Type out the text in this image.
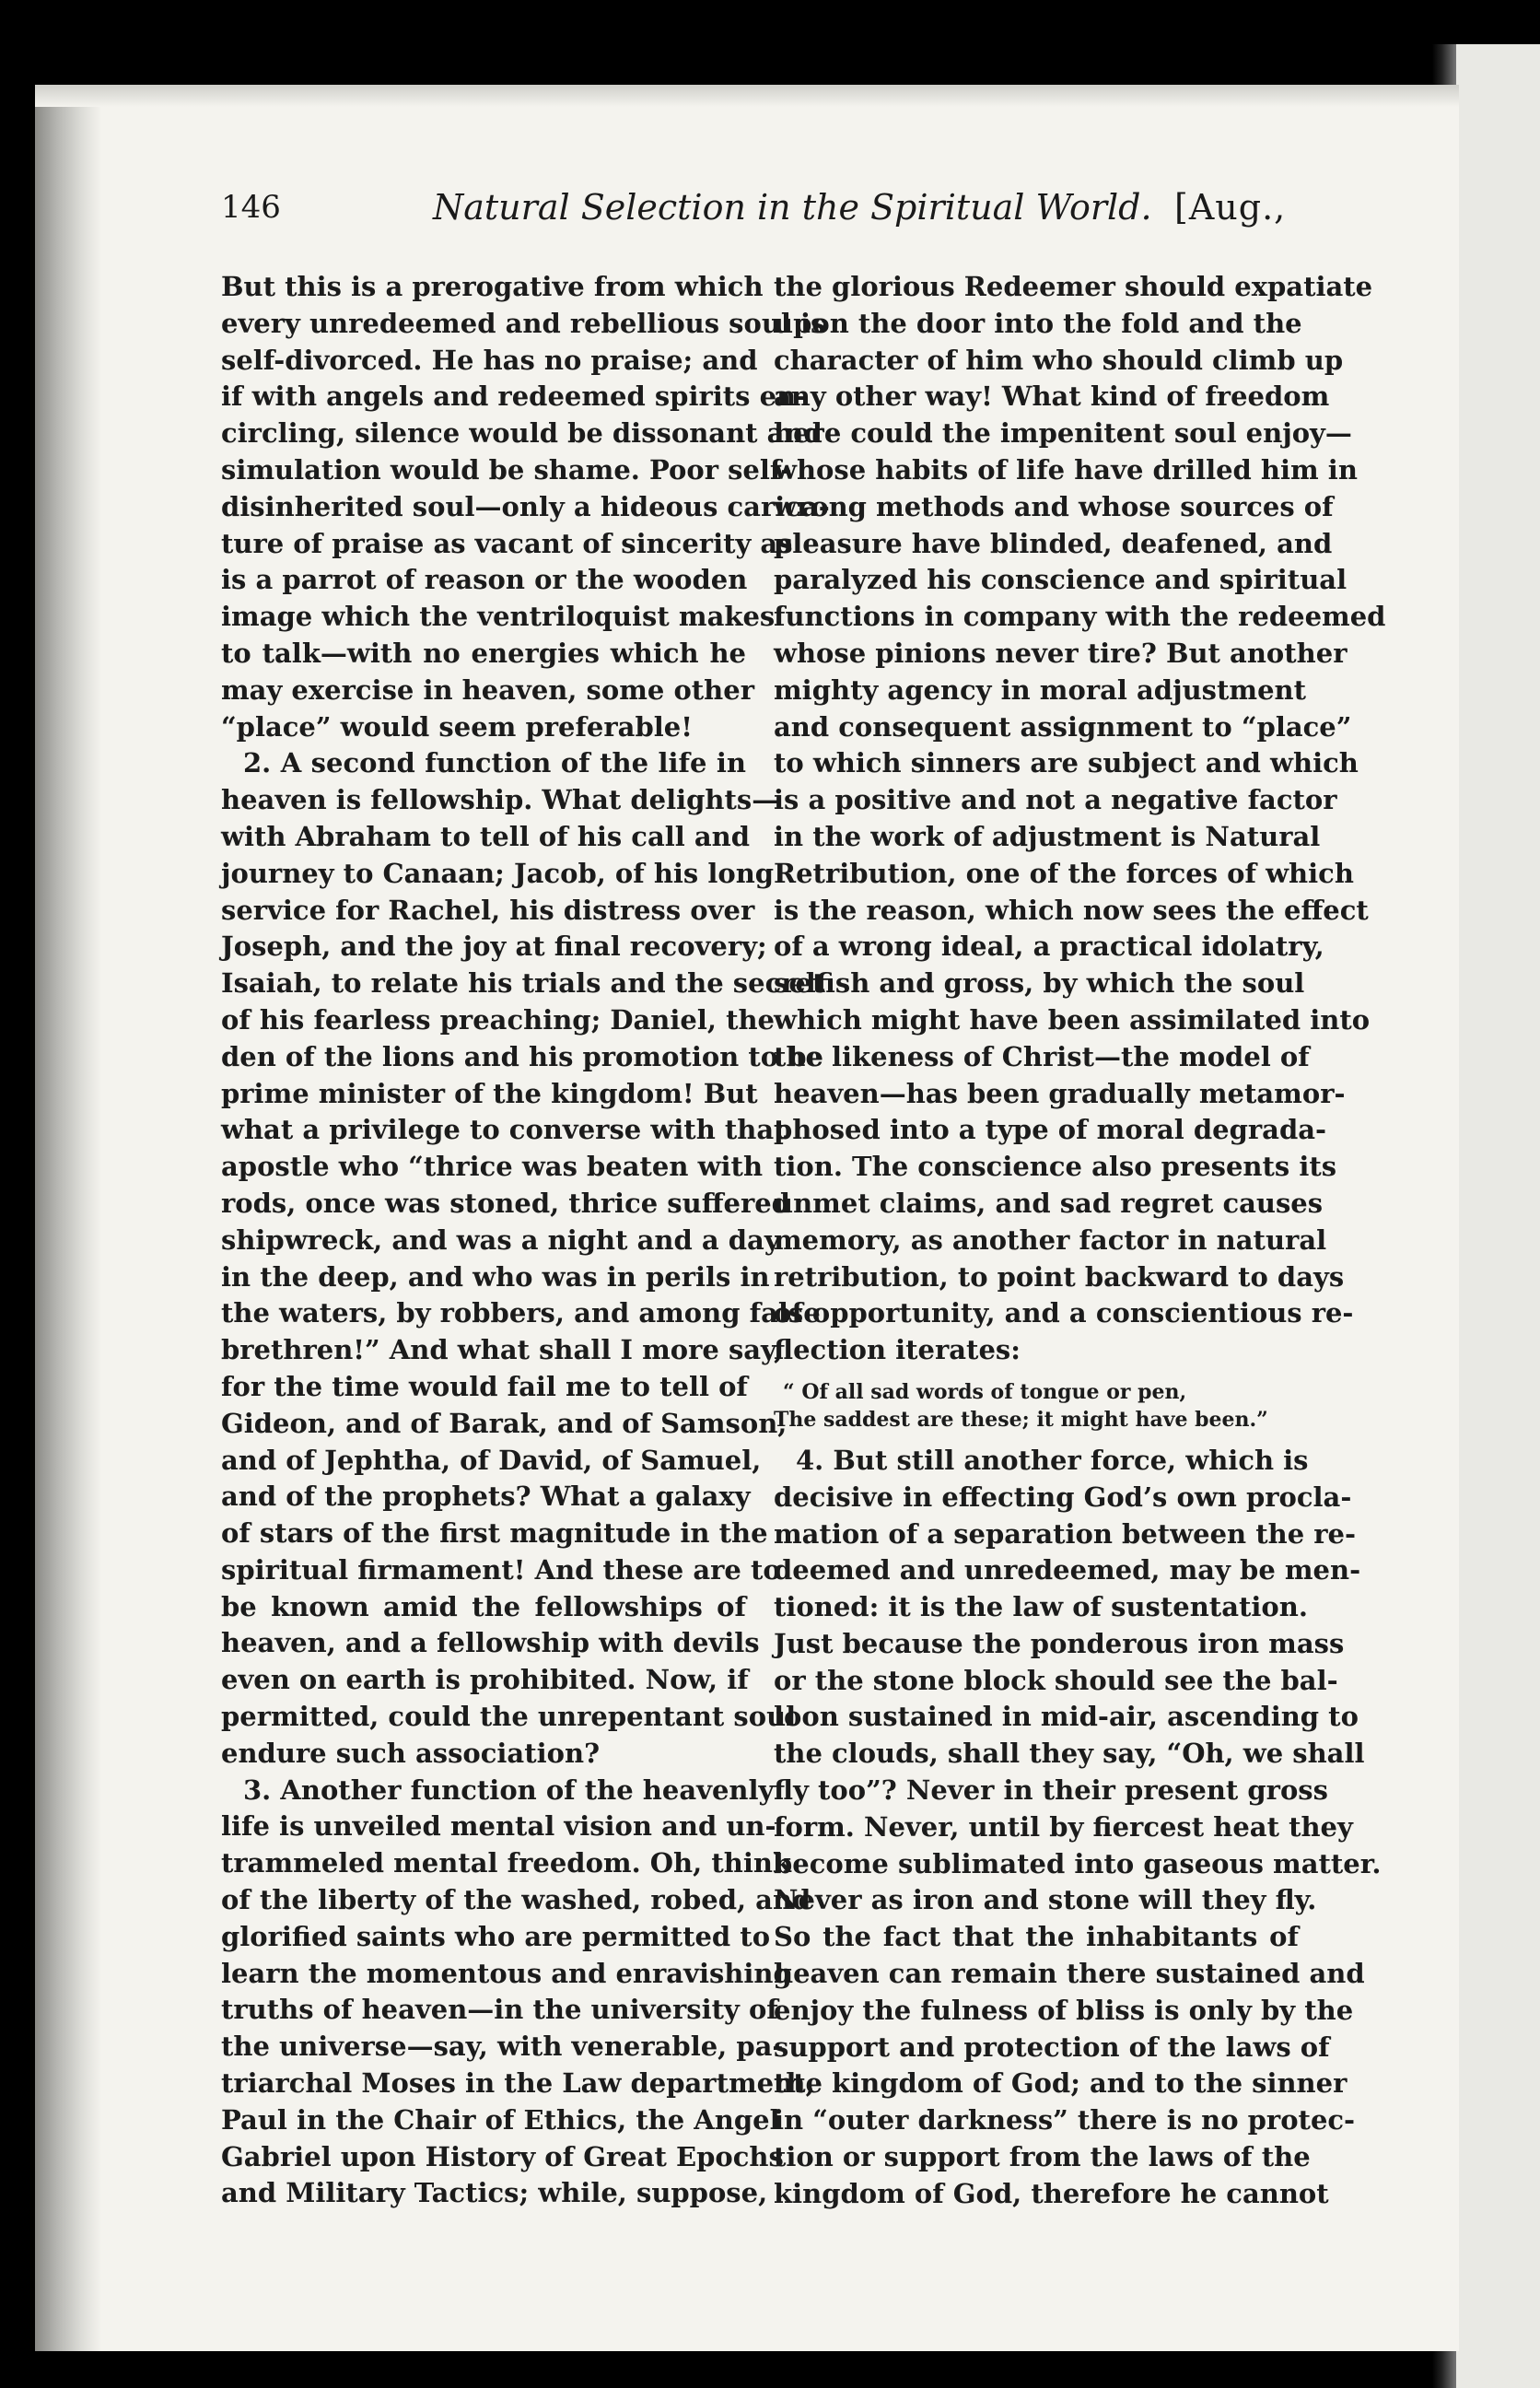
146	Natural Selection in the Spiritual World. [Aug.,
But this is a prerogative from which
every unredeemed and rebellious soul is
self-divorced. He has no praise; and
if with angels and redeemed spirits en-
circling, silence would be dissonant and
simulation would be shame. Poor self-
disinherited soul—only a hideous carica-
ture of praise as vacant of sincerity as
is a parrot of reason or the wooden
image which the ventriloquist makes
to talk—with no energies which he
may exercise in heaven, some other
“place” would seem preferable!
2. A second function of the life in
heaven is fellowship. What delights—
with Abraham to tell of his call and
journey to Canaan; Jacob, of his long
service for Rachel, his distress over
Joseph, and the joy at final recovery;
Isaiah, to relate his trials and the secret
of his fearless preaching; Daniel, the
den of the lions and his promotion to be
prime minister of the kingdom! But
what a privilege to converse with that
apostle who “thrice was beaten with
rods, once was stoned, thrice suffered
shipwreck, and was a night and a day
in the deep, and who was in perils in
the waters, by robbers, and among false
brethren!” And what shall I more say,
for the time would fail me to tell of
Gideon, and of Barak, and of Samson,
and of Jephtha, of David, of Samuel,
and of the prophets? What a galaxy
of stars of the first magnitude in the
spiritual firmament! And these are to
be known amid the fellowships of
heaven, and a fellowship with devils
even on earth is prohibited. Now, if
permitted, could the unrepentant soul
endure such association?
3. Another function of the heavenly
life is unveiled mental vision and un-
trammeled mental freedom. Oh, think
of the liberty of the washed, robed, and
glorified saints who are permitted to
learn the momentous and enravishing
truths of heaven—in the university of
the universe—say, with venerable, pa-
triarchal Moses in the Law department,
Paul in the Chair of Ethics, the Angel
Gabriel upon History of Great Epochs
and Military Tactics; while, suppose,
the glorious Redeemer should expatiate
upon the door into the fold and the
character of him who should climb up
any other way! What kind of freedom
here could the impenitent soul enjoy—
whose habits of life have drilled him in
wrong methods and whose sources of
pleasure have blinded, deafened, and
paralyzed his conscience and spiritual
functions in company with the redeemed
whose pinions never tire? But another
mighty agency in moral adjustment
and consequent assignment to “place”
to which sinners are subject and which
is a positive and not a negative factor
in the work of adjustment is Natural
Retribution, one of the forces of which
is the reason, which now sees the effect
of a wrong ideal, a practical idolatry,
selfish and gross, by which the soul
which might have been assimilated into
the likeness of Christ—the model of
heaven—has been gradually metamor-
phosed into a type of moral degrada-
tion. The conscience also presents its
unmet claims, and sad regret causes
memory, as another factor in natural
retribution, to point backward to days
of opportunity, and a conscientious re-
flection iterates:
“ Of all sad words of tongue or pen,
The saddest are these; it might have been.”
4. But still another force, which is
decisive in effecting God’s own procla-
mation of a separation between the re-
deemed and unredeemed, may be men-
tioned: it is the law of sustentation.
Just because the ponderous iron mass
or the stone block should see the bal-
loon sustained in mid-air, ascending to
the clouds, shall they say, “Oh, we shall
fly too”? Never in their present gross
form. Never, until by fiercest heat they
become sublimated into gaseous matter.
Never as iron and stone will they fly.
So the fact that the inhabitants of
heaven can remain there sustained and
enjoy the fulness of bliss is only by the
support and protection of the laws of
the kingdom of God; and to the sinner
in “outer darkness” there is no protec-
tion or support from the laws of the
kingdom of God, therefore he cannot
